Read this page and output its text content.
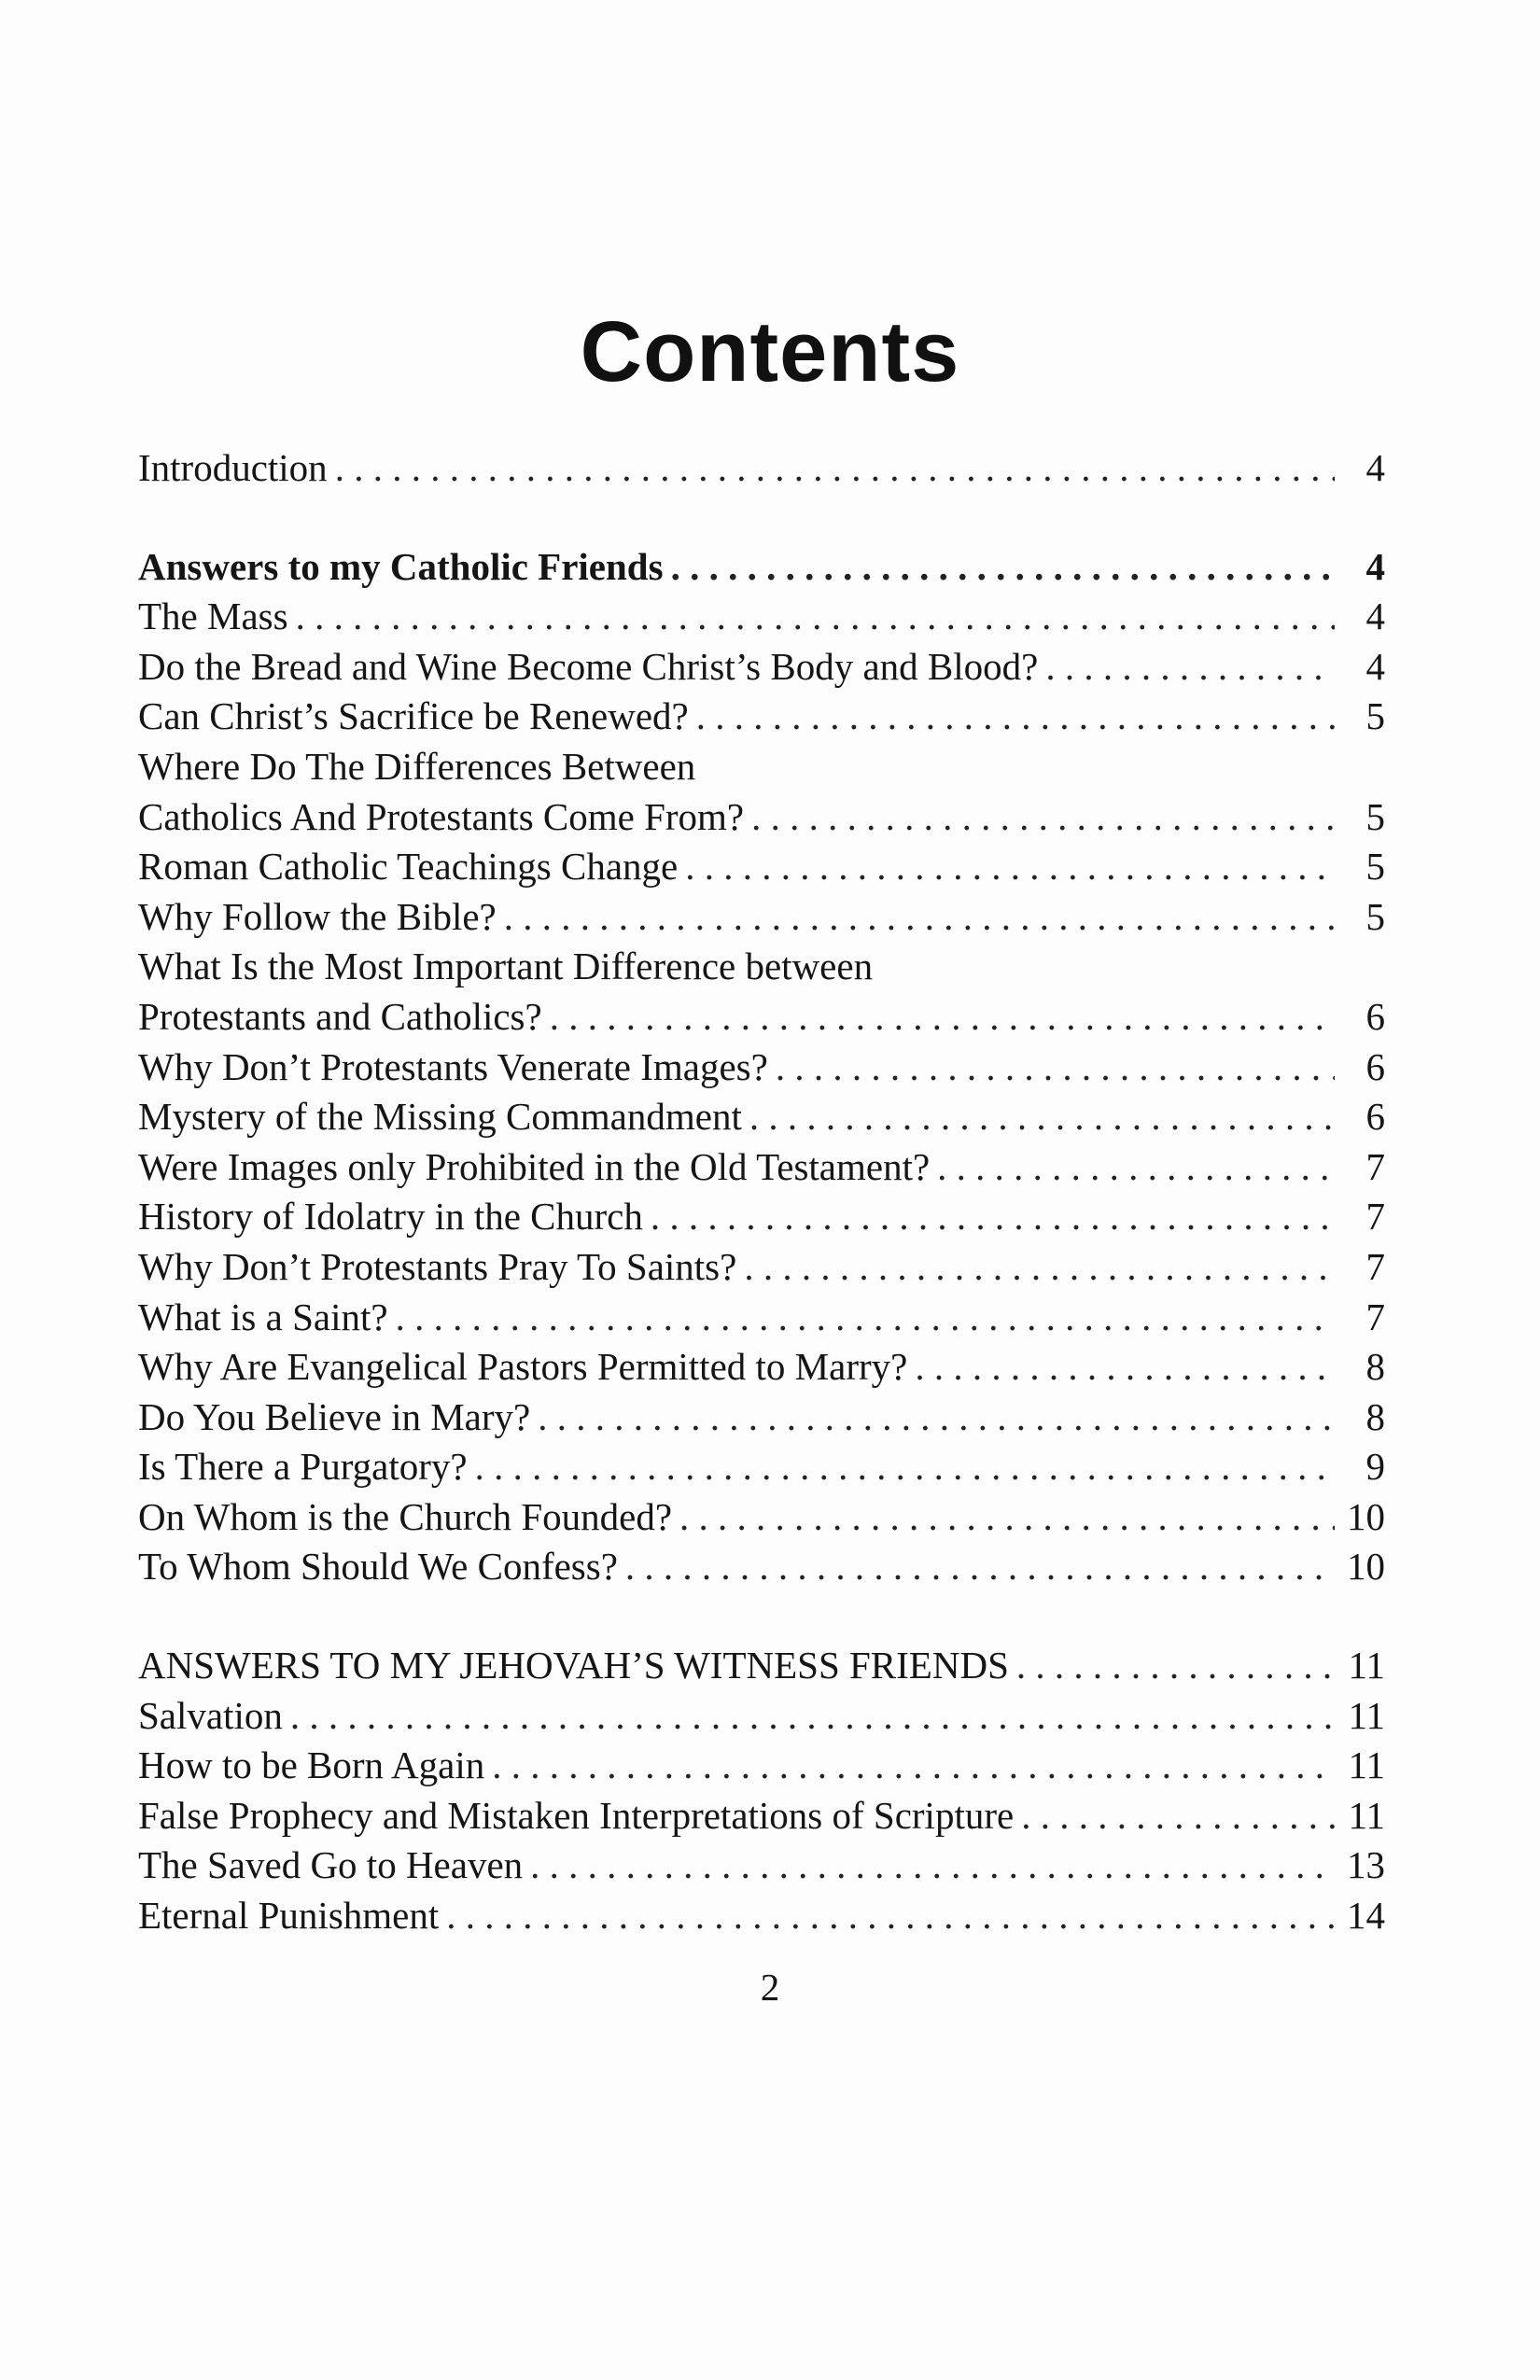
Contents
Introduction . . .	4
Answers to my Catholic Friends . . .	4
The Mass . . .	4
Do the Bread and Wine Become Christ’s Body and Blood? . . .	4
Can Christ’s Sacrifice be Renewed? . . .	5
Where Do The Differences Between
Catholics And Protestants Come From? . . .	5
Roman Catholic Teachings Change . . .	5
Why Follow the Bible? . . .	5
What Is the Most Important Difference between
Protestants and Catholics? . . .	6
Why Don’t Protestants Venerate Images? . . .	6
Mystery of the Missing Commandment . . .	6
Were Images only Prohibited in the Old Testament? . . .	7
History of Idolatry in the Church . . .	7
Why Don’t Protestants Pray To Saints? . . .	7
What is a Saint? . . .	7
Why Are Evangelical Pastors Permitted to Marry? . . .	8
Do You Believe in Mary? . . .	8
Is There a Purgatory? . . .	9
On Whom is the Church Founded? . . .	10
To Whom Should We Confess? . . .	10
ANSWERS TO MY JEHOVAH’S WITNESS FRIENDS . . .	11
Salvation . . .	11
How to be Born Again . . .	11
False Prophecy and Mistaken Interpretations of Scripture . . .	11
The Saved Go to Heaven . . .	13
Eternal Punishment . . .	14
2
